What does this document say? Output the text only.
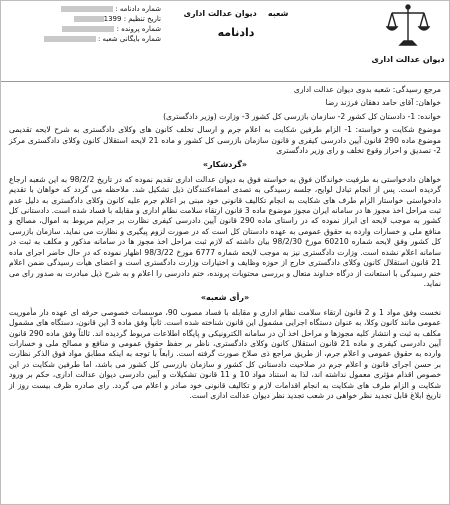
شماره دادنامه :
تاریخ تنظیم : 1399
شماره پرونده :
شماره بایگانی شعبه :
شعبه    دیوان عدالت اداری
دادنامه
دیوان عدالت اداری

مرجع رسیدگی: شعبه بدوی دیوان عدالت اداری

خواهان: آقای حامد دهقان فرزند رضا

خوانده: 1- دادستان کل کشور 2- سازمان بازرسی کل کشور 3- وزارت (وزیر دادگستری)

موضوع شکایت و خواسته: 1- الزام طرفین شکایت به اعلام جرم و ارسال تخلف کانون های وکلای دادگستری به شرح لایحه تقدیمی موضوع ماده 290 قانون آیین دادرسی کیفری و قانون سازمان بازرسی کل کشور و ماده 21 لایحه استقلال کانون وکلای دادگستری مرکز 2- تصدیق و احراز وقوع تخلف و رای وزیر دادگستری

«گردشکار»

خواهان دادخواستی به طرفیت خواندگان فوق به خواسته فوق به دیوان عدالت اداری تقدیم نموده که در تاریخ 98/2/2 به این شعبه ارجاع گردیده است. پس از انجام تبادل لوایح، جلسه رسیدگی به تصدی امضاءکنندگان ذیل تشکیل شد. ملاحظه می گردد که خواهان با تقدیم دادخواستی خواستار الزام طرف های شکایت به انجام تکالیف قانونی خود مبنی بر اعلام جرم علیه کانون وکلای دادگستری به دلیل عدم ثبت مراحل اخذ مجوز ها در سامانه ایران مجوز موضوع ماده 3 قانون ارتقاء سلامت نظام اداری و مقابله با فساد شده است. دادستانی کل کشور به موجب لایحه ای ابراز نموده که در راستای ماده 290 قانون آیین دادرسی کیفری نظارت بر جرایم مربوط به اموال، مصالح و منافع ملی و خسارات وارده به حقوق عمومی به عهده دادستان کل است که در صورت لزوم پیگیری و نظارت می نماید. سازمان بازرسی کل کشور وفق لایحه شماره 60210 مورخ 98/2/30 بیان داشته که لازم ثبت مراحل اخذ مجوز ها در سامانه مذکور و مکلف به ثبت در سامانه اعلام نشده است. وزارت دادگستری نیز به موجب لایحه شماره 6777 مورخ 98/3/22 اظهار نموده که در حال حاضر اجرای ماده 21 قانون استقلال کانون وکلای دادگستری خارج از حوزه وظایف و اختیارات وزارت دادگستری است و اعضای هیأت رسیدگی ضمن اعلام ختم رسیدگی با استعانت از درگاه خداوند متعال و بررسی محتویات پرونده، ختم دادرسی را اعلام و به شرح ذیل مبادرت به صدور رای می نماید.

«رأی شعبه»

نخست وفق مواد 1 و 2 قانون ارتقاء سلامت نظام اداری و مقابله با فساد مصوب 90، موسسات خصوصی حرفه ای عهده دار مأموریت عمومی مانند کانون وکلا، به عنوان دستگاه اجرایی مشمول این قانون شناخته شده است. ثانیاً وفق ماده 3 این قانون، دستگاه های مشمول مکلف به ثبت و انتشار کلیه مجوزها و مراحل اخذ آن در سامانه الکترونیکی و پایگاه اطلاعات مربوط گردیده اند. ثالثاً وفق ماده 290 قانون آیین دادرسی کیفری و ماده 21 قانون استقلال کانون وکلای دادگستری، ناظر بر حفظ حقوق عمومی و منافع و مصالح ملی و خسارات وارده به حقوق عمومی و اعلام جرم، از طریق مراجع ذی صلاح صورت گرفته است. رابعاً با توجه به اینکه مطابق مواد فوق الذکر نظارت بر حسن اجرای قانون و اعلام جرم در صلاحیت دادستانی کل کشور و سازمان بازرسی کل کشور می باشد، اما طرفین شکایت در این خصوص اقدام مؤثری معمول نداشته اند، لذا به استناد مواد 10 و 11 قانون تشکیلات و آیین دادرسی دیوان عدالت اداری، حکم بر ورود شکایت و الزام طرف های شکایت به انجام اقدامات لازم و تکالیف قانونی خود صادر و اعلام می گردد. رای صادره ظرف بیست روز از تاریخ ابلاغ قابل تجدید نظر خواهی در شعب تجدید نظر دیوان عدالت اداری است.
